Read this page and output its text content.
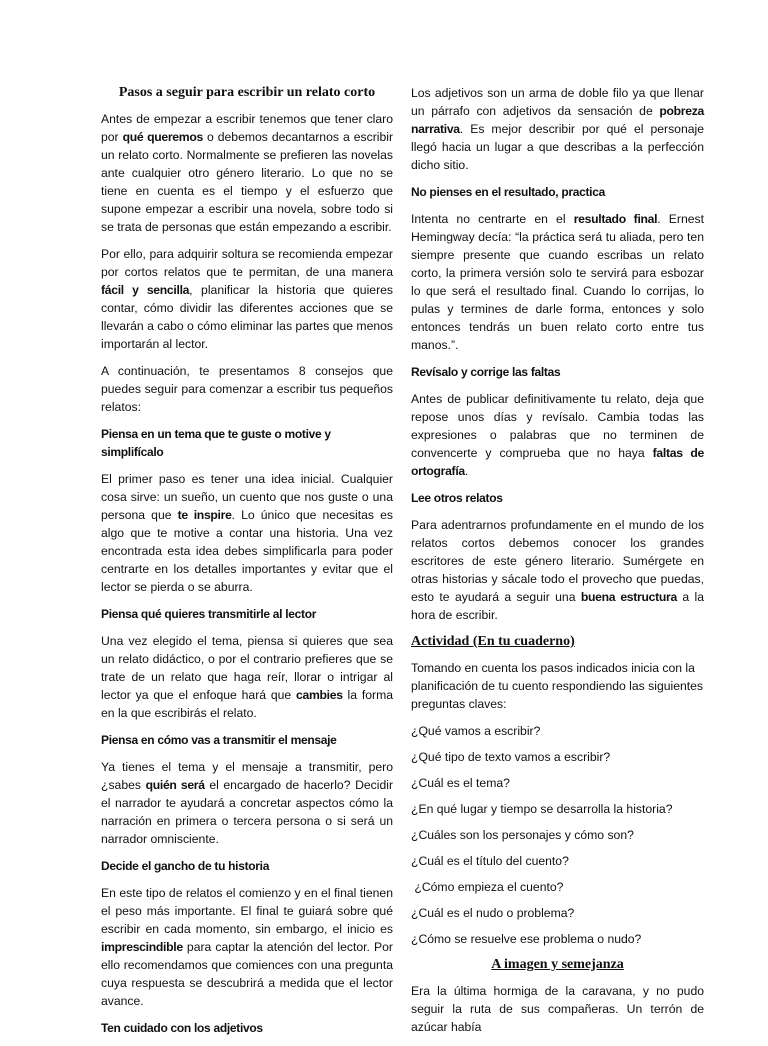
Pasos a seguir para escribir un relato corto

Antes de empezar a escribir tenemos que tener claro por qué queremos o debemos decantarnos a escribir un relato corto. Normalmente se prefieren las novelas ante cualquier otro género literario. Lo que no se tiene en cuenta es el tiempo y el esfuerzo que supone empezar a escribir una novela, sobre todo si se trata de personas que están empezando a escribir.

Por ello, para adquirir soltura se recomienda empezar por cortos relatos que te permitan, de una manera fácil y sencilla, planificar la historia que quieres contar, cómo dividir las diferentes acciones que se llevarán a cabo o cómo eliminar las partes que menos importarán al lector.

A continuación, te presentamos 8 consejos que puedes seguir para comenzar a escribir tus pequeños relatos:

Piensa en un tema que te guste o motive y simplifícalo

El primer paso es tener una idea inicial. Cualquier cosa sirve: un sueño, un cuento que nos guste o una persona que te inspire. Lo único que necesitas es algo que te motive a contar una historia. Una vez encontrada esta idea debes simplificarla para poder centrarte en los detalles importantes y evitar que el lector se pierda o se aburra.

Piensa qué quieres transmitirle al lector

Una vez elegido el tema, piensa si quieres que sea un relato didáctico, o por el contrario prefieres que se trate de un relato que haga reír, llorar o intrigar al lector ya que el enfoque hará que cambies la forma en la que escribirás el relato.

Piensa en cómo vas a transmitir el mensaje

Ya tienes el tema y el mensaje a transmitir, pero ¿sabes quién será el encargado de hacerlo? Decidir el narrador te ayudará a concretar aspectos cómo la narración en primera o tercera persona o si será un narrador omnisciente.

Decide el gancho de tu historia

En este tipo de relatos el comienzo y en el final tienen el peso más importante. El final te guiará sobre qué escribir en cada momento, sin embargo, el inicio es imprescindible para captar la atención del lector. Por ello recomendamos que comiences con una pregunta cuya respuesta se descubrirá a medida que el lector avance.

Ten cuidado con los adjetivos

Los adjetivos son un arma de doble filo ya que llenar un párrafo con adjetivos da sensación de pobreza narrativa. Es mejor describir por qué el personaje llegó hacia un lugar a que describas a la perfección dicho sitio.

No pienses en el resultado, practica

Intenta no centrarte en el resultado final. Ernest Hemingway decía: “la práctica será tu aliada, pero ten siempre presente que cuando escribas un relato corto, la primera versión solo te servirá para esbozar lo que será el resultado final. Cuando lo corrijas, lo pulas y termines de darle forma, entonces y solo entonces tendrás un buen relato corto entre tus manos.”.

Revísalo y corrige las faltas

Antes de publicar definitivamente tu relato, deja que repose unos días y revísalo. Cambia todas las expresiones o palabras que no terminen de convencerte y comprueba que no haya faltas de ortografía.

Lee otros relatos

Para adentrarnos profundamente en el mundo de los relatos cortos debemos conocer los grandes escritores de este género literario. Sumérgete en otras historias y sácale todo el provecho que puedas, esto te ayudará a seguir una buena estructura a la hora de escribir.

Actividad (En tu cuaderno)

Tomando en cuenta los pasos indicados inicia con la planificación de tu cuento respondiendo las siguientes preguntas claves:

¿Qué vamos a escribir?
¿Qué tipo de texto vamos a escribir?
¿Cuál es el tema?
¿En qué lugar y tiempo se desarrolla la historia?
¿Cuáles son los personajes y cómo son?
¿Cuál es el título del cuento?
¿Cómo empieza el cuento?
¿Cuál es el nudo o problema?
¿Cómo se resuelve ese problema o nudo?
A imagen y semejanza

Era la última hormiga de la caravana, y no pudo seguir la ruta de sus compañeras. Un terrón de azúcar había
